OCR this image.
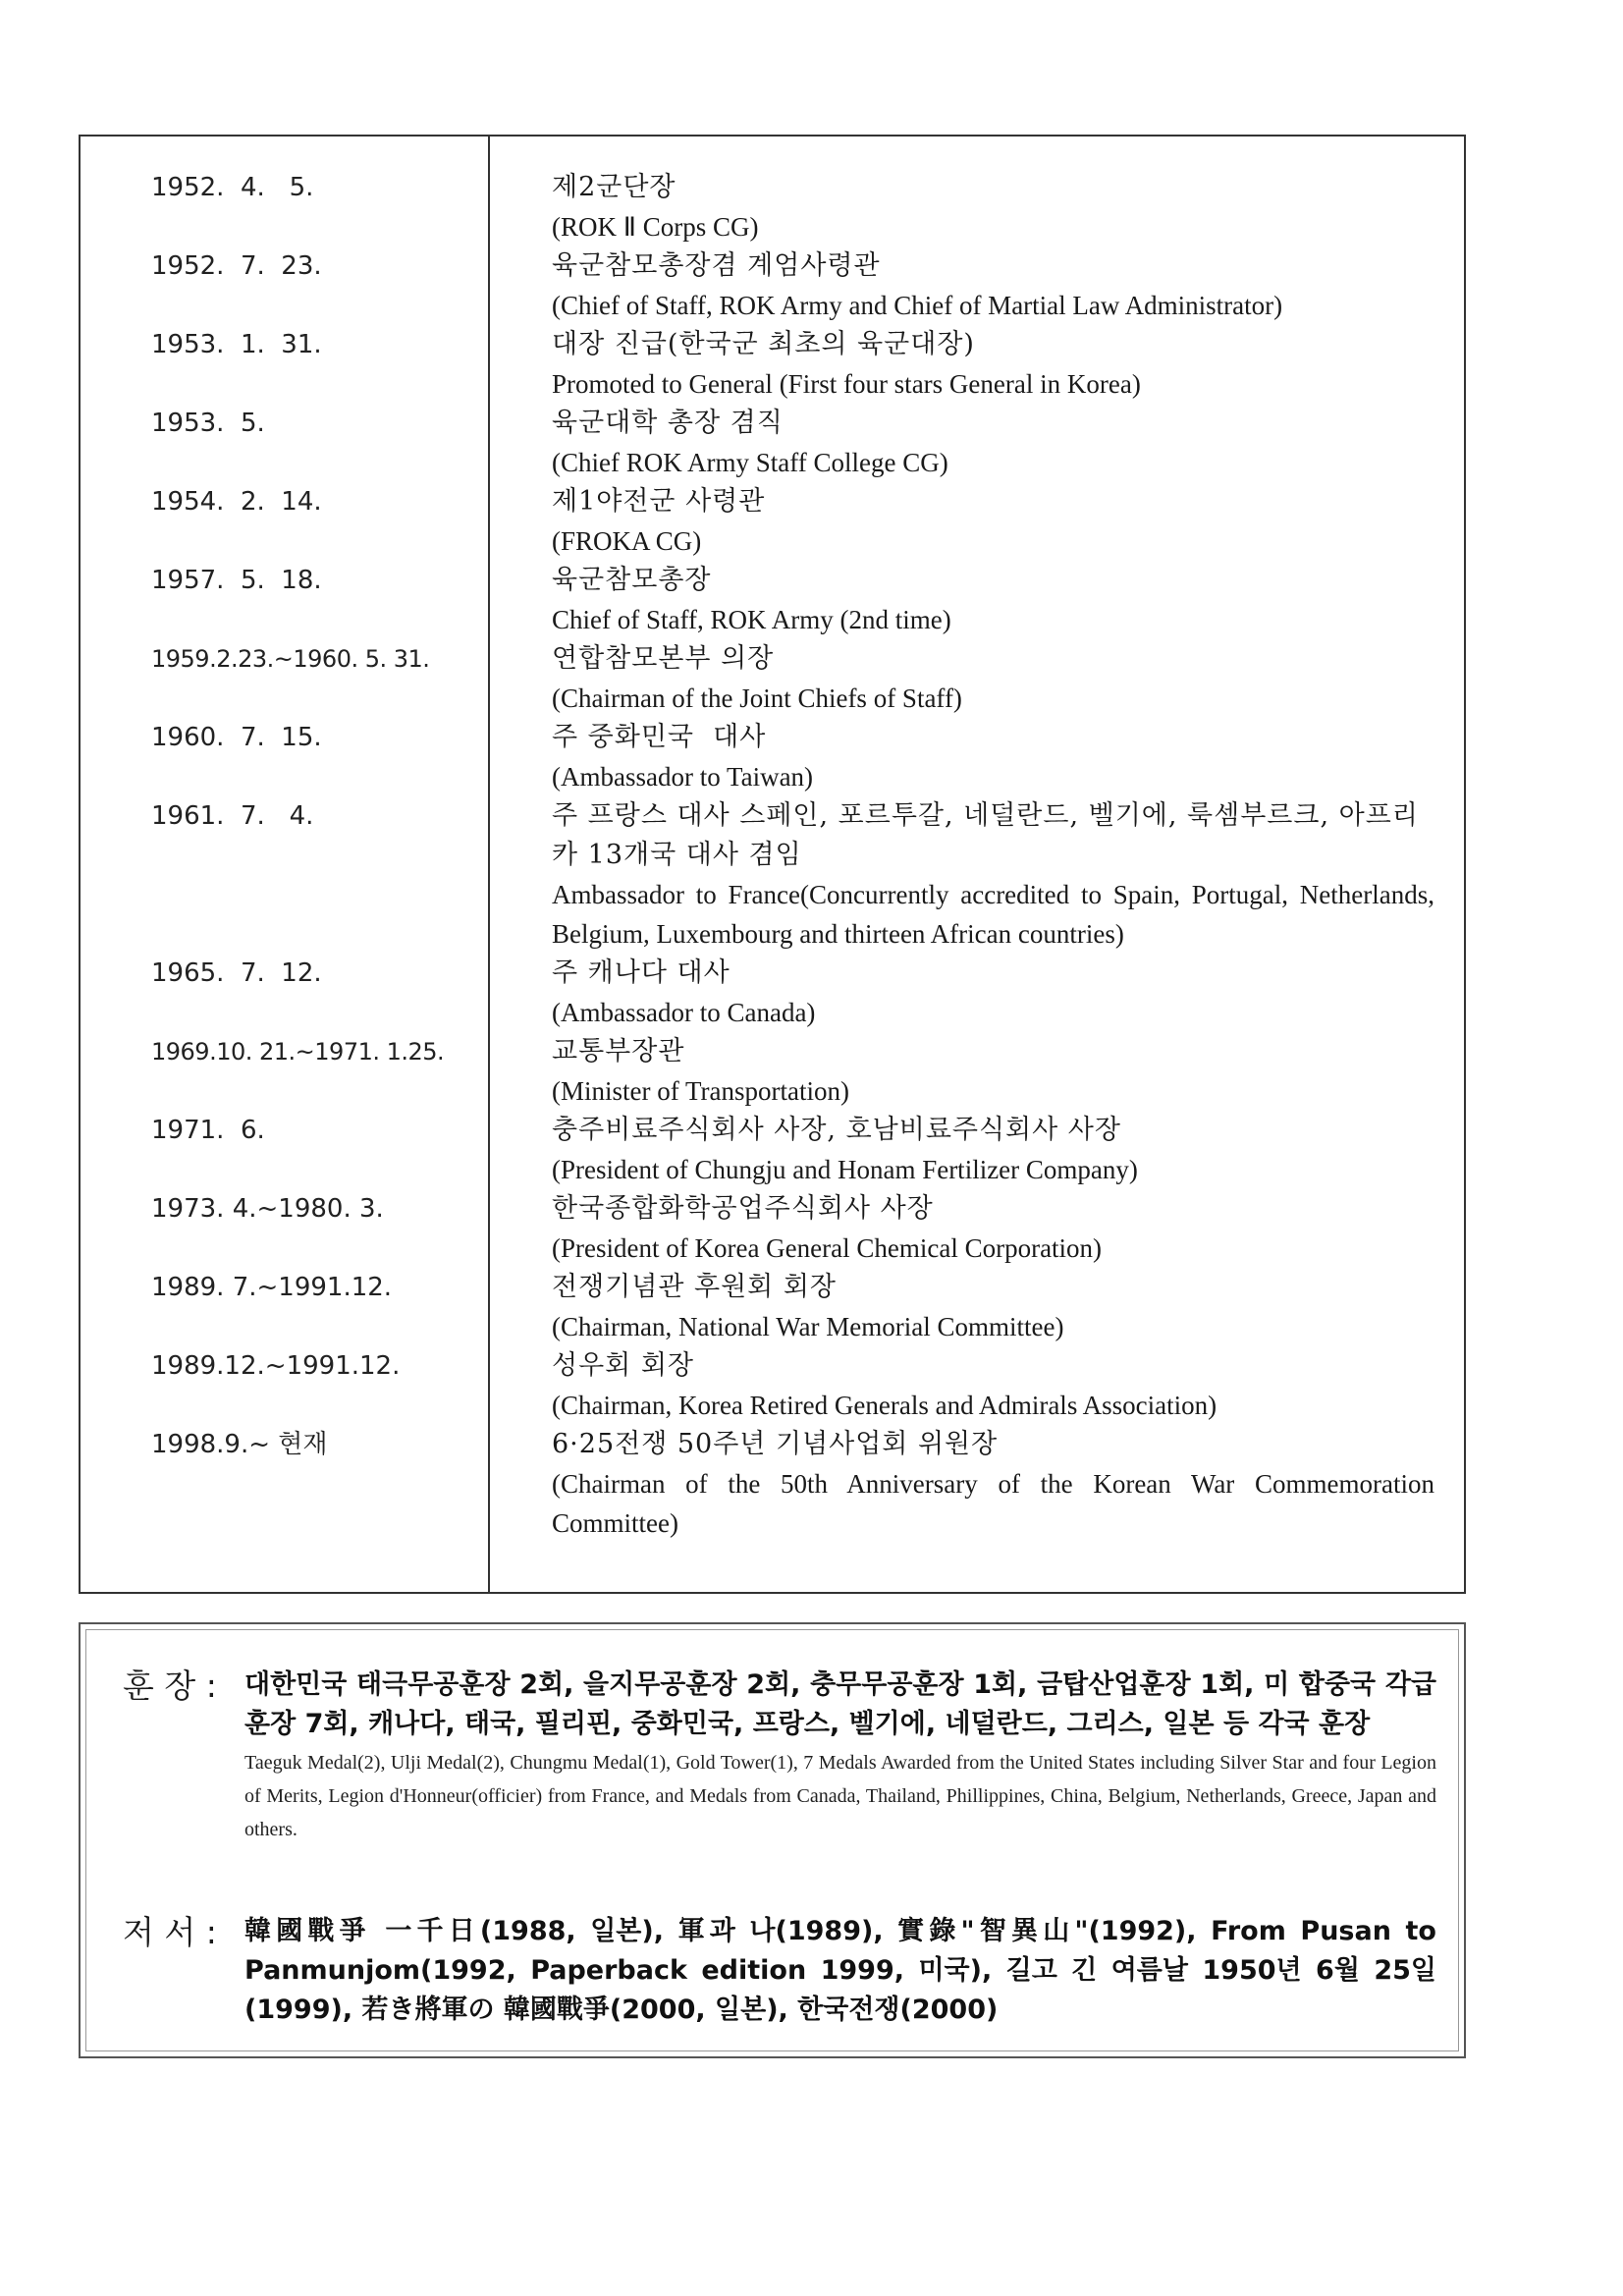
1952.  4.   5.	제2군단장
(ROK Ⅱ Corps CG)
1952.  7.  23.	육군참모총장겸 계엄사령관
(Chief of Staff, ROK Army and Chief of Martial Law Administrator)
1953.  1.  31.	대장 진급(한국군 최초의 육군대장)
Promoted to General (First four stars General in Korea)
1953.  5.	육군대학 총장 겸직
(Chief ROK Army Staff College CG)
1954.  2.  14.	제1야전군 사령관
(FROKA CG)
1957.  5.  18.	육군참모총장
Chief of Staff, ROK Army (2nd time)
1959.2.23.~1960. 5. 31.	연합참모본부 의장
(Chairman of the Joint Chiefs of Staff)
1960.  7.  15.	주 중화민국  대사
(Ambassador to Taiwan)
1961.  7.   4.	주 프랑스 대사 스페인, 포르투갈, 네덜란드, 벨기에, 룩셈부르크, 아프리카 13개국 대사 겸임
Ambassador to France(Concurrently accredited to Spain, Portugal, Netherlands, Belgium, Luxembourg and thirteen African countries)
1965.  7.  12.	주 캐나다 대사
(Ambassador to Canada)
1969.10. 21.~1971. 1.25.	교통부장관
(Minister of Transportation)
1971.  6.	충주비료주식회사 사장, 호남비료주식회사 사장
(President of Chungju and Honam Fertilizer Company)
1973. 4.~1980. 3.	한국종합화학공업주식회사 사장
(President of Korea General Chemical Corporation)
1989. 7.~1991.12.	전쟁기념관 후원회 회장
(Chairman, National War Memorial Committee)
1989.12.~1991.12.	성우회 회장
(Chairman, Korea Retired Generals and Admirals Association)
1998.9.~ 현재	6·25전쟁 50주년 기념사업회 위원장
(Chairman of the 50th Anniversary of the Korean War Commemoration Committee)
훈 장 :	대한민국 태극무공훈장 2회, 을지무공훈장 2회, 충무무공훈장 1회, 금탑산업훈장 1회, 미 합중국 각급 훈장 7회, 캐나다, 태국, 필리핀, 중화민국, 프랑스, 벨기에, 네덜란드, 그리스, 일본 등 각국 훈장
Taeguk Medal(2), Ulji Medal(2), Chungmu Medal(1), Gold Tower(1), 7 Medals Awarded from the United States including Silver Star and four Legion of Merits, Legion d'Honneur(officier) from France, and Medals from Canada, Thailand, Phillippines, China, Belgium, Netherlands, Greece, Japan and others.
저 서 :	韓國戰爭 一千日(1988, 일본), 軍과 나(1989), 實錄"智異山"(1992), From Pusan to Panmunjom(1992, Paperback edition 1999, 미국), 길고 긴 여름날 1950년 6월 25일(1999), 若き將軍の 韓國戰爭(2000, 일본), 한국전쟁(2000)
